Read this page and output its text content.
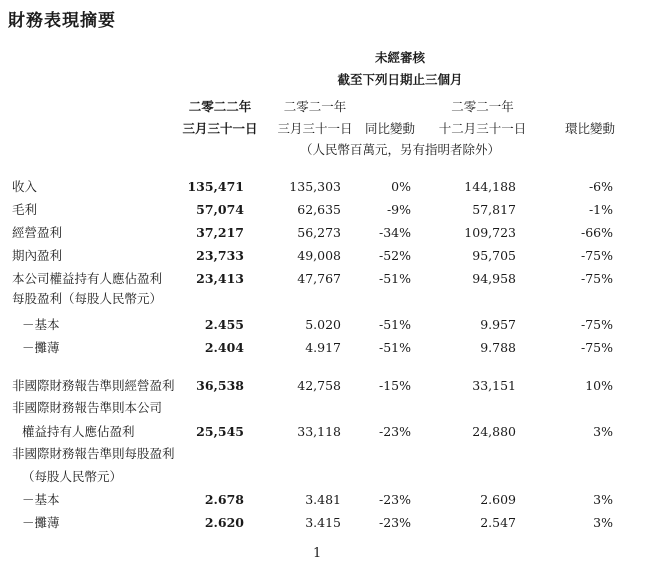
財務表現摘要
未經審核
截至下列日期止三個月
二零二二年
三月三十一日
二零二一年
三月三十一日 同比變動
二零二一年
十二月三十一日	環比變動
（人民幣百萬元，另有指明者除外）
收入	135,471	135,303	0%	144,188	-6%
毛利	57,074	62,635	-9%	57,817	-1%
經營盈利	37,217	56,273	-34%	109,723	-66%
期內盈利	23,733	49,008	-52%	95,705	-75%
本公司權益持有人應佔盈利	23,413	47,767	-51%	94,958	-75%
每股盈利（每股人民幣元）
－基本	2.455	5.020	-51%	9.957	-75%
－攤薄	2.404	4.917	-51%	9.788	-75%
非國際財務報告準則經營盈利 36,538	42,758	-15%	33,151	10%
非國際財務報告準則本公司
權益持有人應佔盈利	25,545	33,118	-23%	24,880	3%
非國際財務報告準則每股盈利
（每股人民幣元）
－基本	2.678	3.481	-23%	2.609	3%
－攤薄	2.620	3.415	-23%	2.547	3%
1
